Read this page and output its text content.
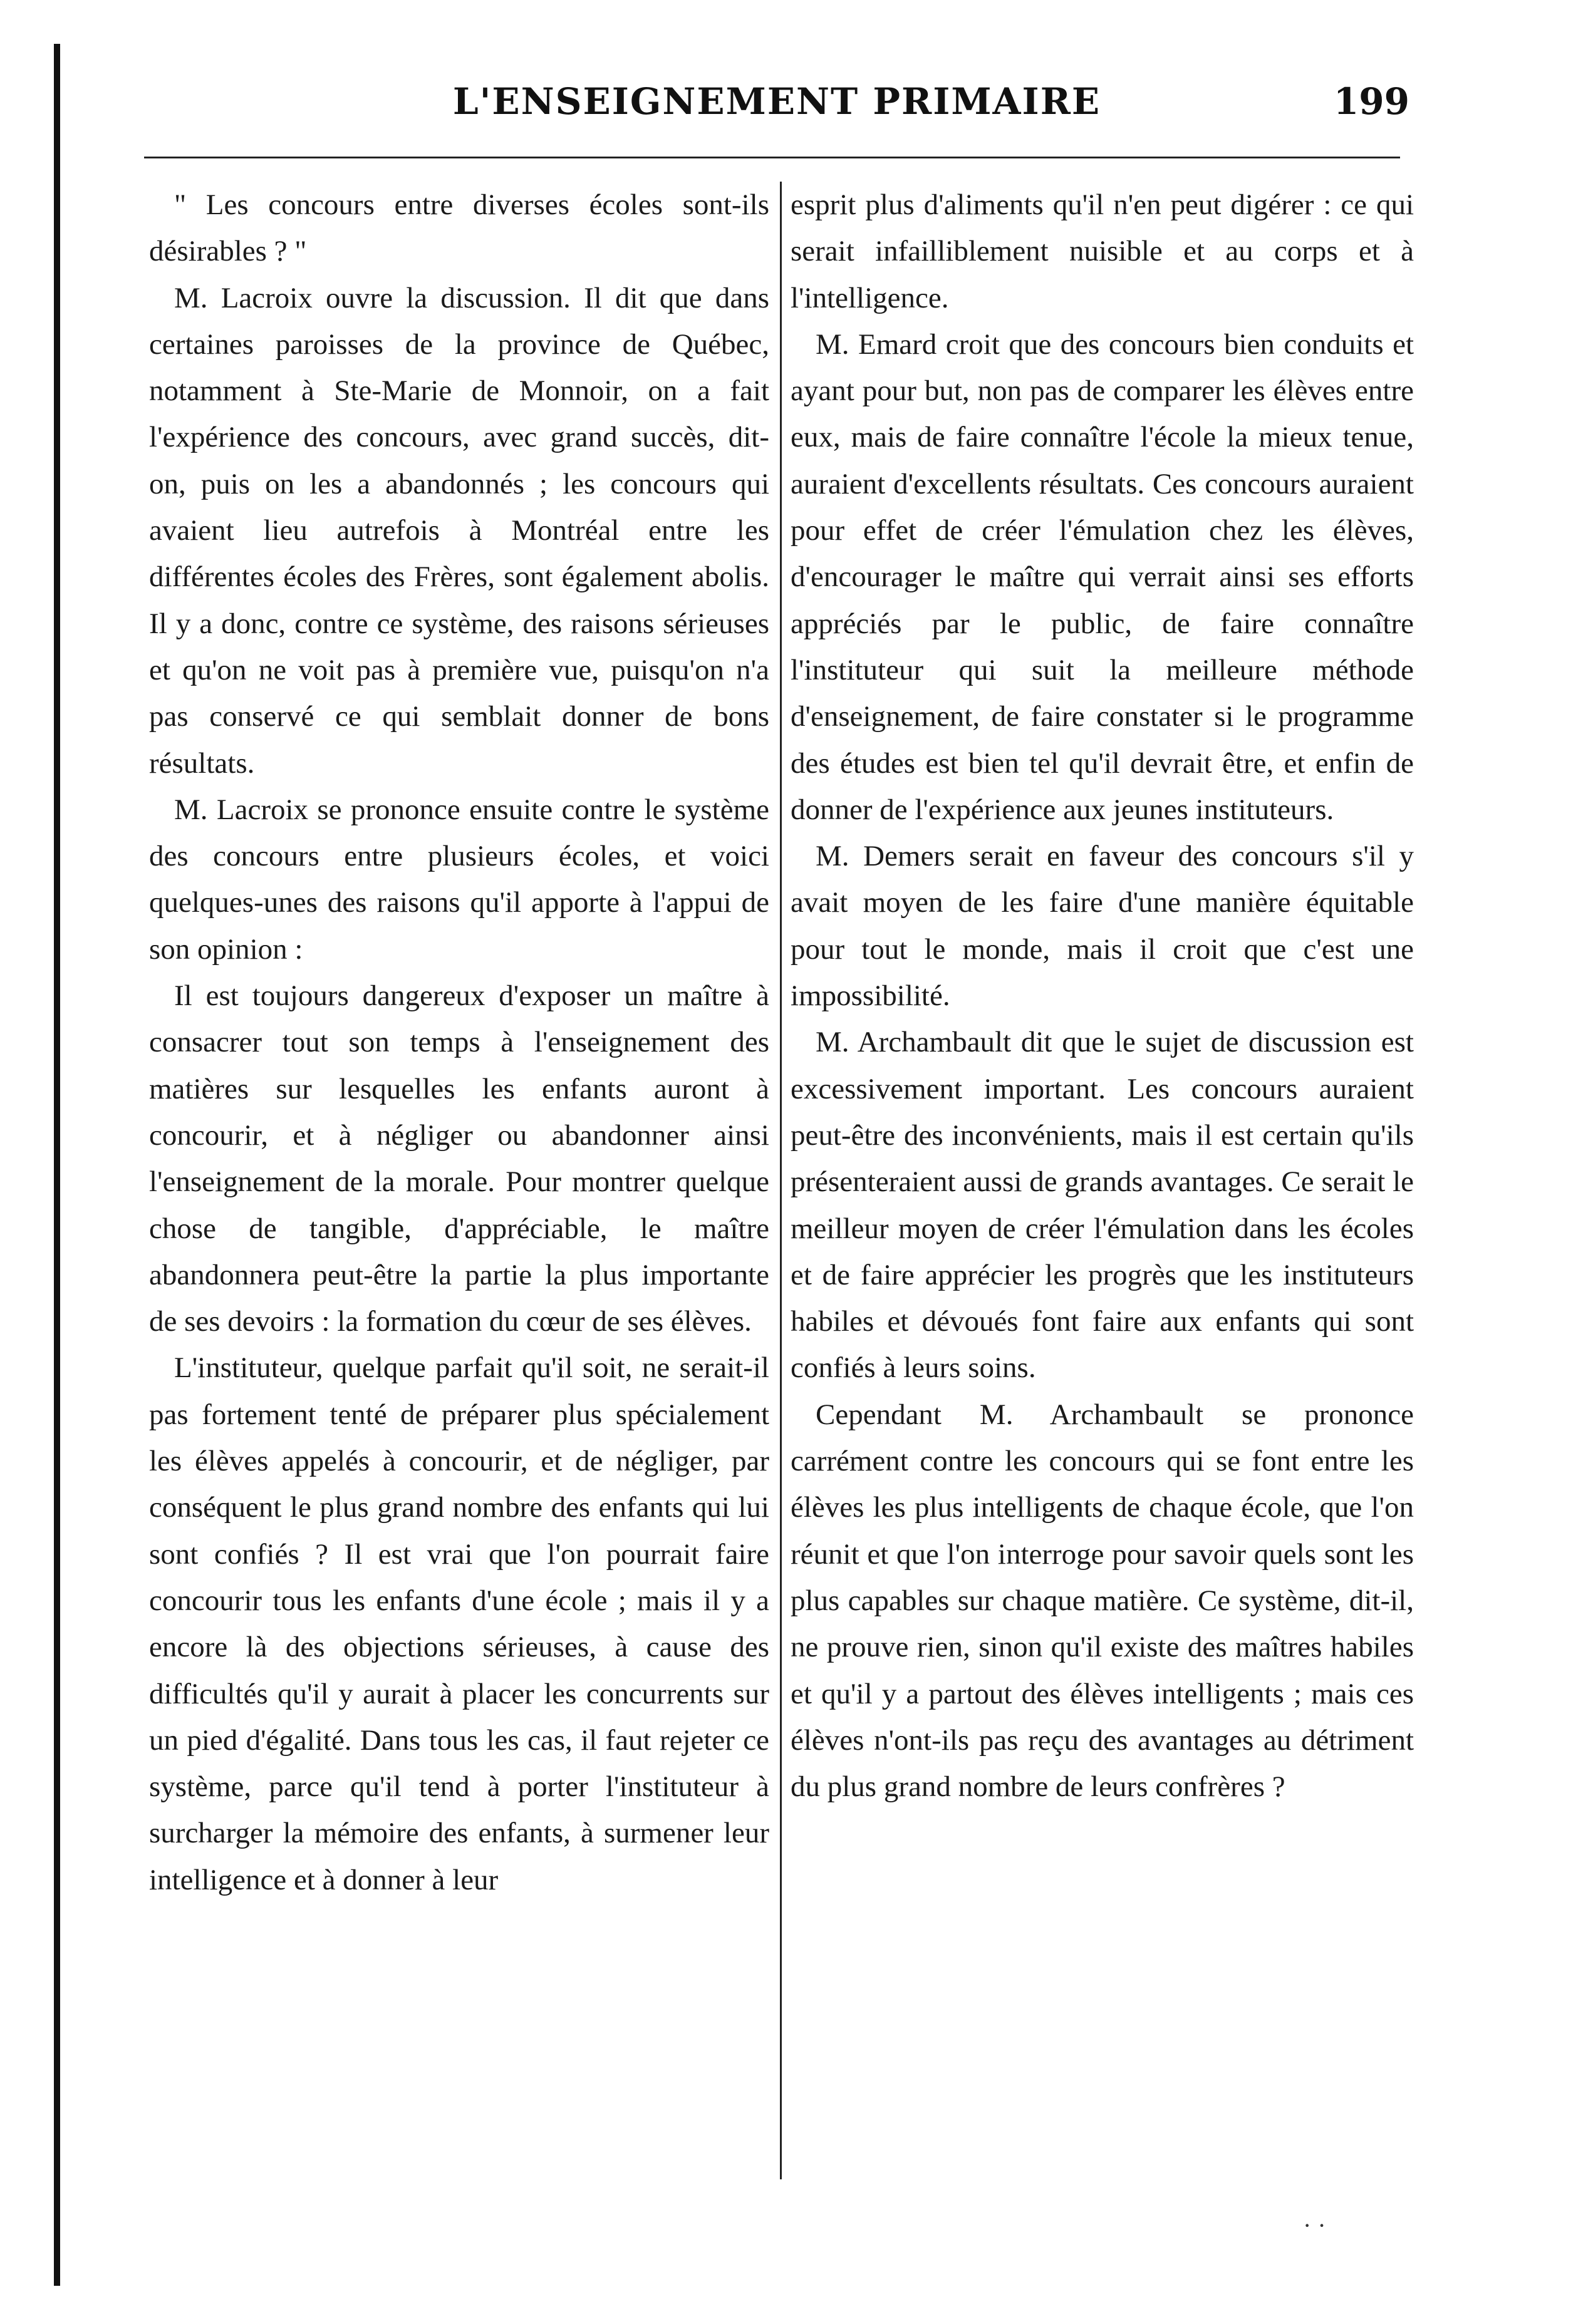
L'ENSEIGNEMENT PRIMAIRE	199

" Les concours entre diverses écoles sont-ils désirables ? "

M. Lacroix ouvre la discussion. Il dit que dans certaines paroisses de la province de Québec, notamment à Ste-Marie de Monnoir, on a fait l'expérience des concours, avec grand succès, dit-on, puis on les a abandonnés ; les concours qui avaient lieu autrefois à Montréal entre les différentes écoles des Frères, sont également abolis. Il y a donc, contre ce système, des raisons sérieuses et qu'on ne voit pas à première vue, puisqu'on n'a pas conservé ce qui semblait donner de bons résultats.

M. Lacroix se prononce ensuite contre le système des concours entre plusieurs écoles, et voici quelques-unes des raisons qu'il apporte à l'appui de son opinion :

Il est toujours dangereux d'exposer un maître à consacrer tout son temps à l'enseignement des matières sur lesquelles les enfants auront à concourir, et à négliger ou abandonner ainsi l'enseignement de la morale. Pour montrer quelque chose de tangible, d'appréciable, le maître abandonnera peut-être la partie la plus importante de ses devoirs : la formation du cœur de ses élèves.

L'instituteur, quelque parfait qu'il soit, ne serait-il pas fortement tenté de préparer plus spécialement les élèves appelés à concourir, et de négliger, par conséquent le plus grand nombre des enfants qui lui sont confiés ? Il est vrai que l'on pourrait faire concourir tous les enfants d'une école ; mais il y a encore là des objections sérieuses, à cause des difficultés qu'il y aurait à placer les concurrents sur un pied d'égalité. Dans tous les cas, il faut rejeter ce système, parce qu'il tend à porter l'instituteur à surcharger la mémoire des enfants, à surmener leur intelligence et à donner à leur

esprit plus d'aliments qu'il n'en peut digérer : ce qui serait infailliblement nuisible et au corps et à l'intelligence.

M. Emard croit que des concours bien conduits et ayant pour but, non pas de comparer les élèves entre eux, mais de faire connaître l'école la mieux tenue, auraient d'excellents résultats. Ces concours auraient pour effet de créer l'émulation chez les élèves, d'encourager le maître qui verrait ainsi ses efforts appréciés par le public, de faire connaître l'instituteur qui suit la meilleure méthode d'enseignement, de faire constater si le programme des études est bien tel qu'il devrait être, et enfin de donner de l'expérience aux jeunes instituteurs.

M. Demers serait en faveur des concours s'il y avait moyen de les faire d'une manière équitable pour tout le monde, mais il croit que c'est une impossibilité.

M. Archambault dit que le sujet de discussion est excessivement important. Les concours auraient peut-être des inconvénients, mais il est certain qu'ils présenteraient aussi de grands avantages. Ce serait le meilleur moyen de créer l'émulation dans les écoles et de faire apprécier les progrès que les instituteurs habiles et dévoués font faire aux enfants qui sont confiés à leurs soins.

Cependant M. Archambault se prononce carrément contre les concours qui se font entre les élèves les plus intelligents de chaque école, que l'on réunit et que l'on interroge pour savoir quels sont les plus capables sur chaque matière. Ce système, dit-il, ne prouve rien, sinon qu'il existe des maîtres habiles et qu'il y a partout des élèves intelligents ; mais ces élèves n'ont-ils pas reçu des avantages au détriment du plus grand nombre de leurs confrères ?

· ·
